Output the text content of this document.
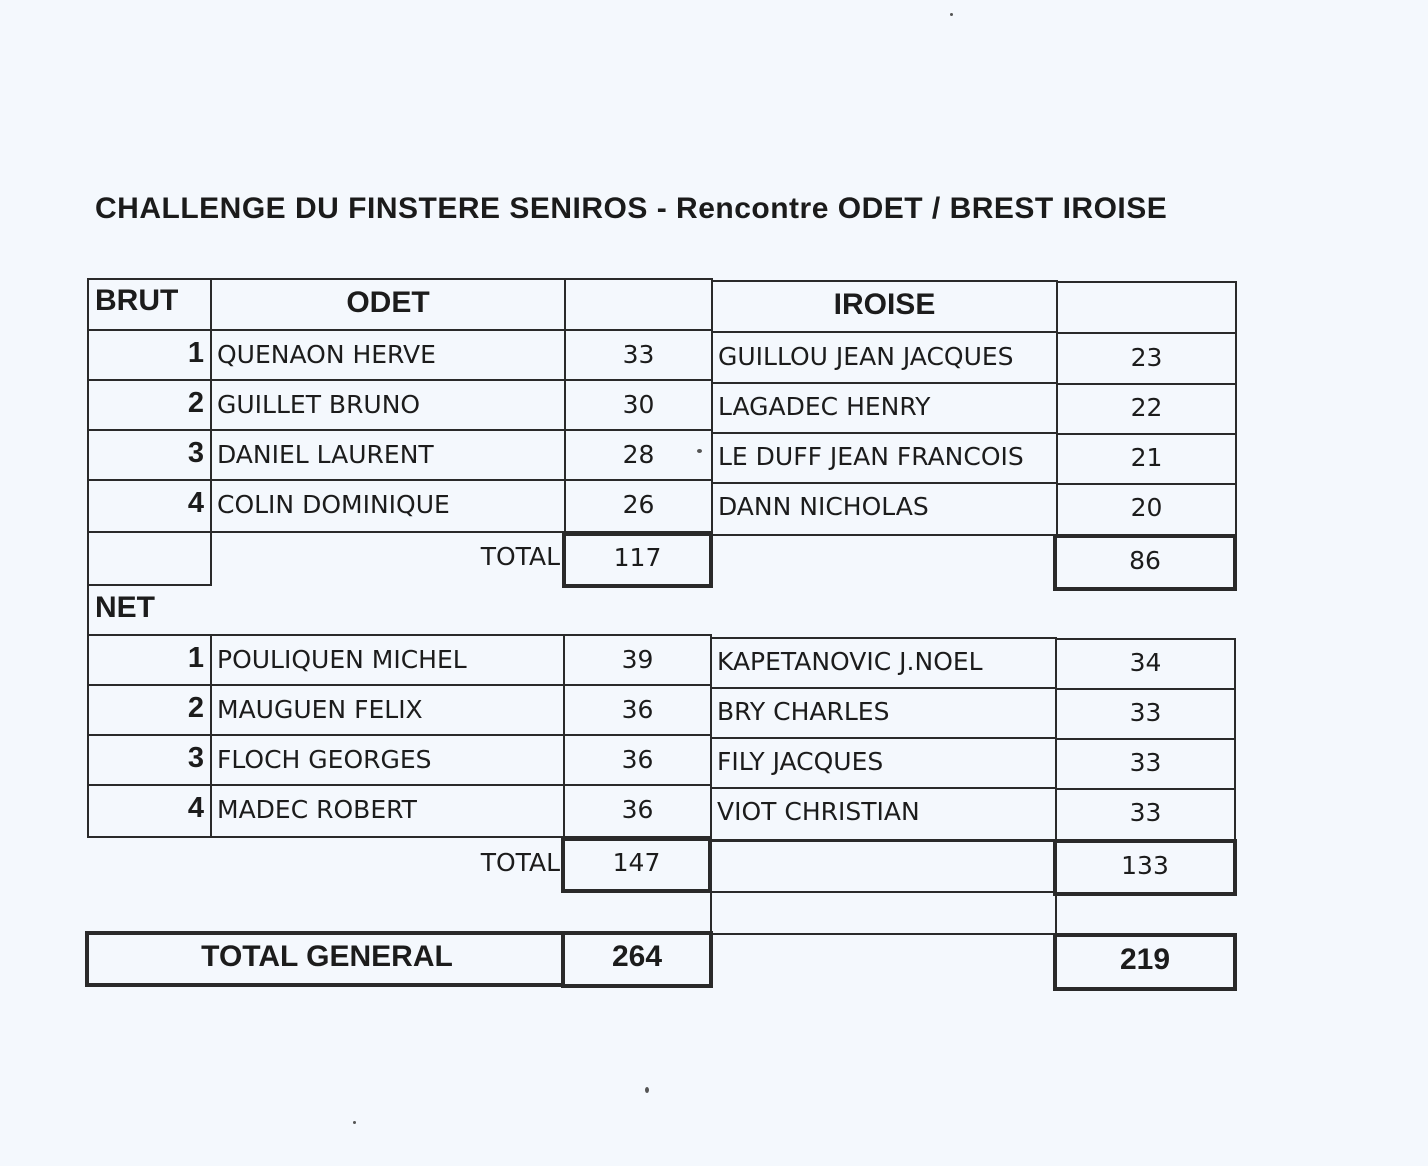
CHALLENGE DU FINSTERE SENIROS - Rencontre ODET / BREST IROISE
BRUT	ODET	IROISE
1 QUENAON HERVE	33	GUILLOU JEAN JACQUES	23
2 GUILLET BRUNO	30	LAGADEC HENRY	22
3 DANIEL LAURENT	28	LE DUFF JEAN FRANCOIS	21
4 COLIN DOMINIQUE	26	DANN NICHOLAS	20
TOTAL	117	86
NET
1 POULIQUEN MICHEL	39	KAPETANOVIC J.NOEL	34
2 MAUGUEN FELIX	36	BRY CHARLES	33
3 FLOCH GEORGES	36	FILY JACQUES	33
4 MADEC ROBERT	36	VIOT CHRISTIAN	33
TOTAL	147	133
TOTAL GENERAL	264	219
